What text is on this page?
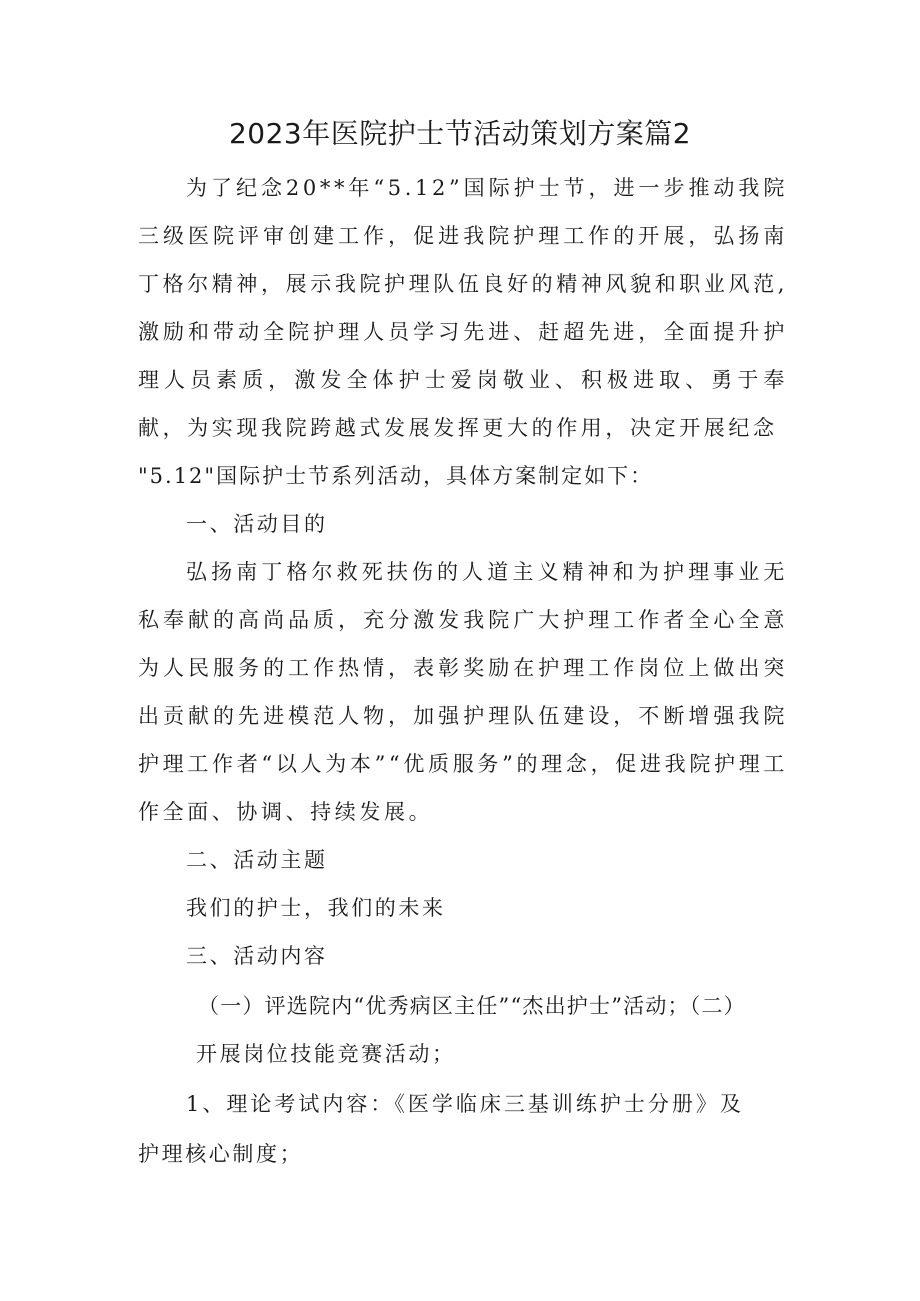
2023年医院护士节活动策划方案篇2

为了纪念20**年“5.12”国际护士节，进一步推动我院三级医院评审创建工作，促进我院护理工作的开展，弘扬南丁格尔精神，展示我院护理队伍良好的精神风貌和职业风范,激励和带动全院护理人员学习先进、赶超先进，全面提升护理人员素质，激发全体护士爱岗敬业、积极进取、勇于奉献，为实现我院跨越式发展发挥更大的作用，决定开展纪念

"5.12"国际护士节系列活动，具体方案制定如下：

一、活动目的

弘扬南丁格尔救死扶伤的人道主义精神和为护理事业无私奉献的高尚品质，充分激发我院广大护理工作者全心全意为人民服务的工作热情，表彰奖励在护理工作岗位上做出突出贡献的先进模范人物，加强护理队伍建设，不断增强我院护理工作者“以人为本”“优质服务”的理念，促进我院护理工作全面、协调、持续发展。

二、活动主题

我们的护士，我们的未来

三、活动内容

（一）评选院内“优秀病区主任”“杰出护士”活动；（二）

开展岗位技能竞赛活动；

1、理论考试内容：《医学临床三基训练护士分册》及

护理核心制度；
